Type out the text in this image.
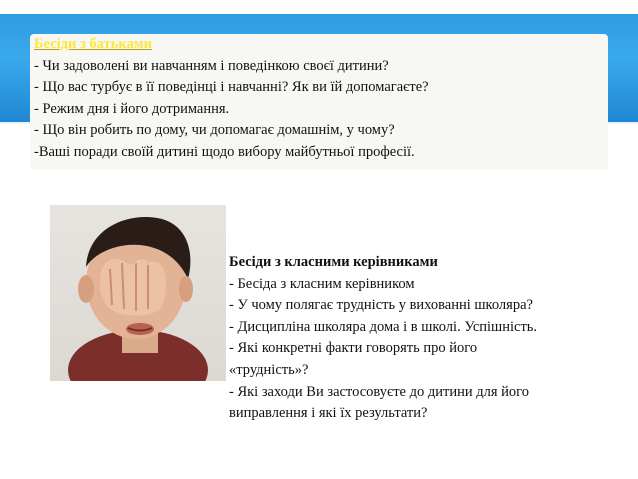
Бесіди з батьками
- Чи задоволені ви навчанням і поведінкою своєї дитини?
- Що вас турбує в її поведінці і навчанні? Як ви їй допомагаєте?
- Режим дня і його дотримання.
- Що він робить по дому, чи допомагає домашнім, у чому?
-Ваші поради своїй дитині щодо вибору майбутньої професії.
Бесіди з класними керівниками
- Бесіда з класним керівником
- У чому полягає трудність у вихованні школяра?
- Дисципліна школяра дома і в школі. Успішність.
- Які конкретні факти говорять про його
«трудність»?
- Які заходи Ви застосовуєте до дитини для його
виправлення і які їх результати?
